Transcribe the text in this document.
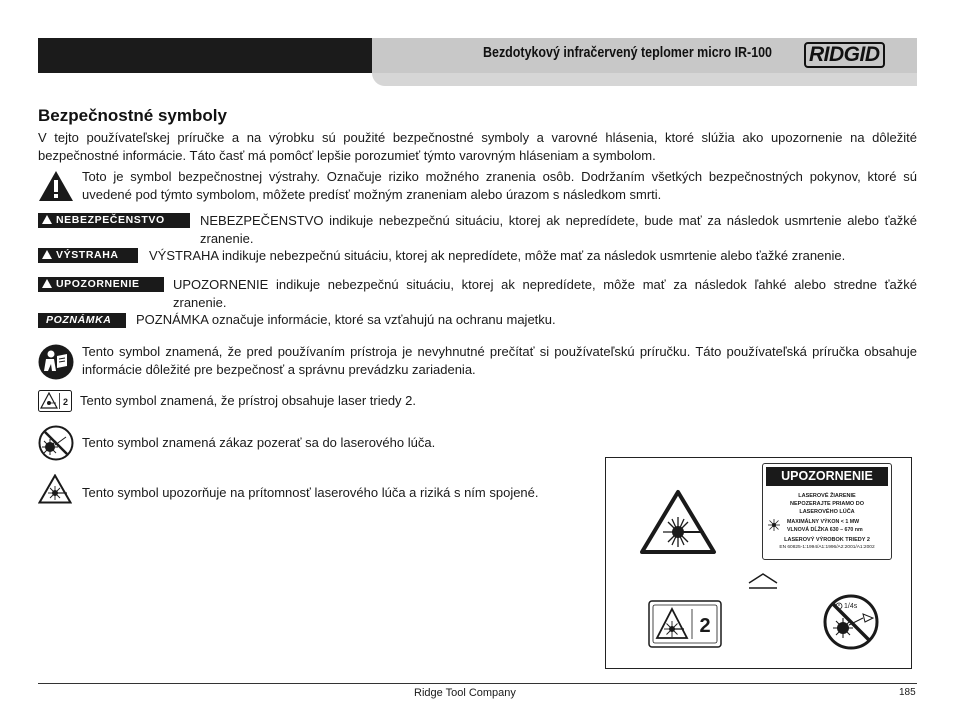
Bezdotykový infračervený teplomer micro IR-100 RIDGID
Bezpečnostné symboly
V tejto používateľskej príručke a na výrobku sú použité bezpečnostné symboly a varovné hlásenia, ktoré slúžia ako upozornenie na dôležité bezpečnostné informácie. Táto časť má pomôcť lepšie porozumieť týmto varovným hláseniam a symbolom.
Toto je symbol bezpečnostnej výstrahy. Označuje riziko možného zranenia osôb. Dodržaním všetkých bezpečnostných pokynov, ktoré sú uvedené pod týmto symbolom, môžete predísť možným zraneniam alebo úrazom s následkom smrti.
NEBEZPEČENSTVO	NEBEZPEČENSTVO indikuje nebezpečnú situáciu, ktorej ak nepredídete, bude mať za následok usmrtenie alebo ťažké zranenie.
VÝSTRAHA	VÝSTRAHA indikuje nebezpečnú situáciu, ktorej ak nepredídete, môže mať za následok usmrtenie alebo ťažké zranenie.
UPOZORNENIE	UPOZORNENIE indikuje nebezpečnú situáciu, ktorej ak nepredídete, môže mať za následok ľahké alebo stredne ťažké zranenie.
POZNÁMKA	POZNÁMKA označuje informácie, ktoré sa vzťahujú na ochranu majetku.
Tento symbol znamená, že pred používaním prístroja je nevyhnutné prečítať si používateľskú príručku. Táto používateľská príručka obsahuje informácie dôležité pre bezpečnosť a správnu prevádzku zariadenia.
2 Tento symbol znamená, že prístroj obsahuje laser triedy 2.
Tento symbol znamená zákaz pozerať sa do laserového lúča.
Tento symbol upozorňuje na prítomnosť laserového lúča a riziká s ním spojené.
UPOZORNENIE
LASEROVÉ ŽIARENIE
NEPOZERAJTE PRIAMO DO
LASEROVÉHO LÚČA
MAXIMÁLNY VÝKON < 1 MW
VLNOVÁ DĹŽKA 630 – 670 nm
LASEROVÝ VÝROBOK TRIEDY 2
EN 60825-1:1994/A1:1996/A2:2001/A1:2002
2
1/4s
Ridge Tool Company	185
